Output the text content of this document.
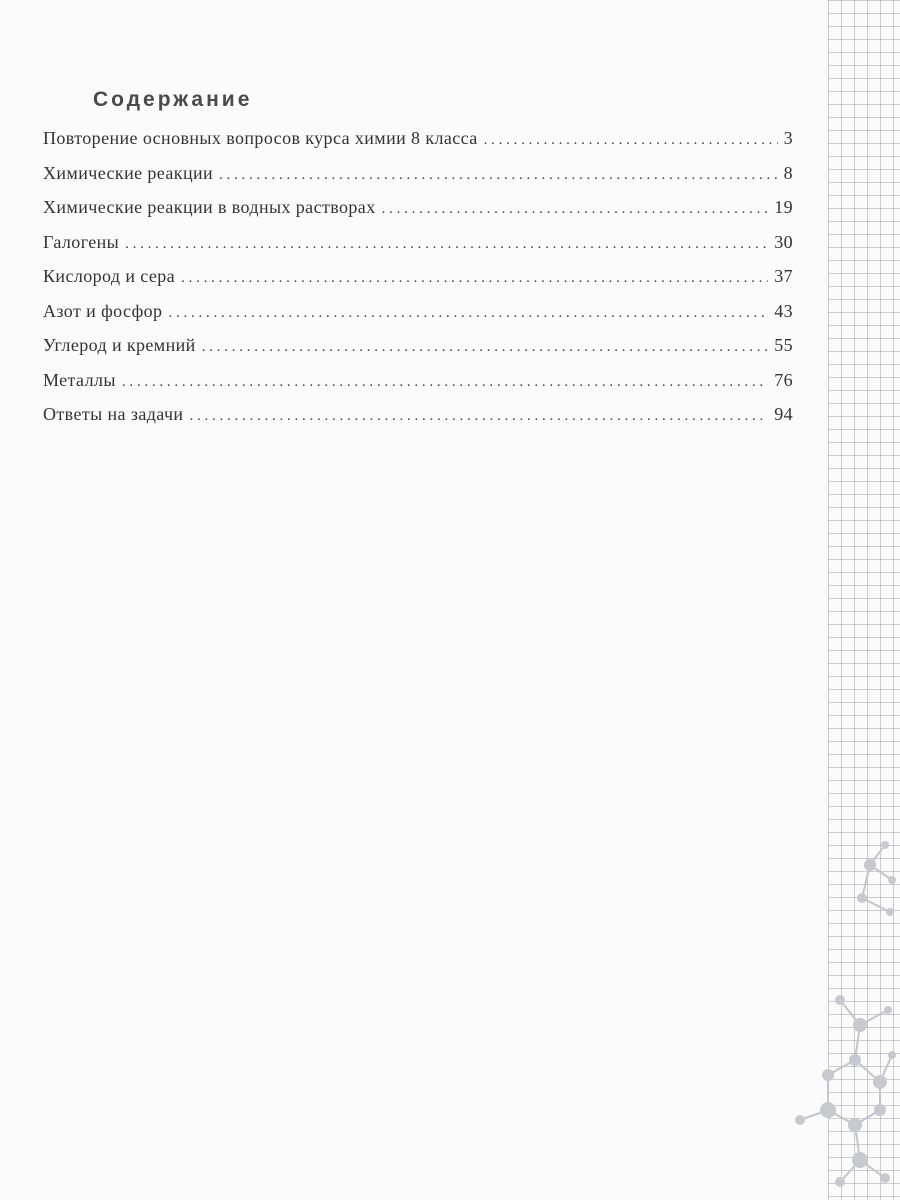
Содержание
Повторение основных вопросов курса химии 8 класса . . .	3
Химические реакции . . .	8
Химические реакции в водных растворах . . .	19
Галогены . . .	30
Кислород и сера . . .	37
Азот и фосфор . . .	43
Углерод и кремний . . .	55
Металлы . . .	76
Ответы на задачи . . .	94
